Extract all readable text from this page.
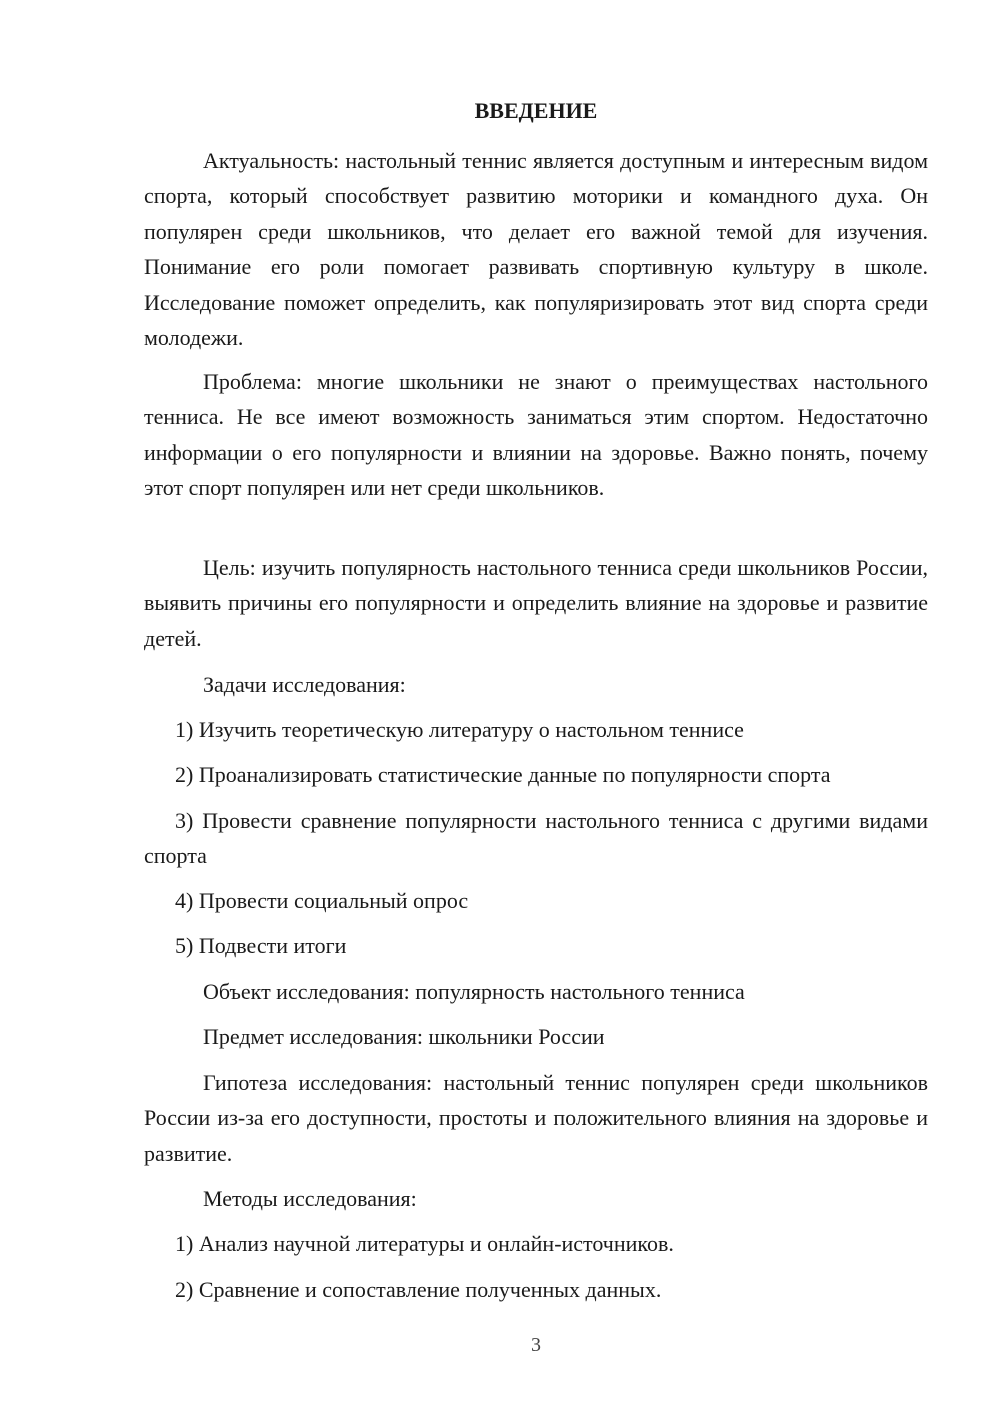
ВВЕДЕНИЕ

Актуальность: настольный теннис является доступным и интересным видом спорта, который способствует развитию моторики и командного духа. Он популярен среди школьников, что делает его важной темой для изучения. Понимание его роли помогает развивать спортивную культуру в школе. Исследование поможет определить, как популяризировать этот вид спорта среди молодежи.

Проблема: многие школьники не знают о преимуществах настольного тенниса. Не все имеют возможность заниматься этим спортом. Недостаточно информации о его популярности и влиянии на здоровье. Важно понять, почему этот спорт популярен или нет среди школьников.

Цель: изучить популярность настольного тенниса среди школьников России, выявить причины его популярности и определить влияние на здоровье и развитие детей.

Задачи исследования:

1) Изучить теоретическую литературу о настольном теннисе

2) Проанализировать статистические данные по популярности спорта

3) Провести сравнение популярности настольного тенниса с другими видами спорта

4) Провести социальный опрос

5) Подвести итоги

Объект исследования: популярность настольного тенниса

Предмет исследования: школьники России

Гипотеза исследования: настольный теннис популярен среди школьников России из-за его доступности, простоты и положительного влияния на здоровье и развитие.

Методы исследования:

1) Анализ научной литературы и онлайн-источников.

2) Сравнение и сопоставление полученных данных.

3
